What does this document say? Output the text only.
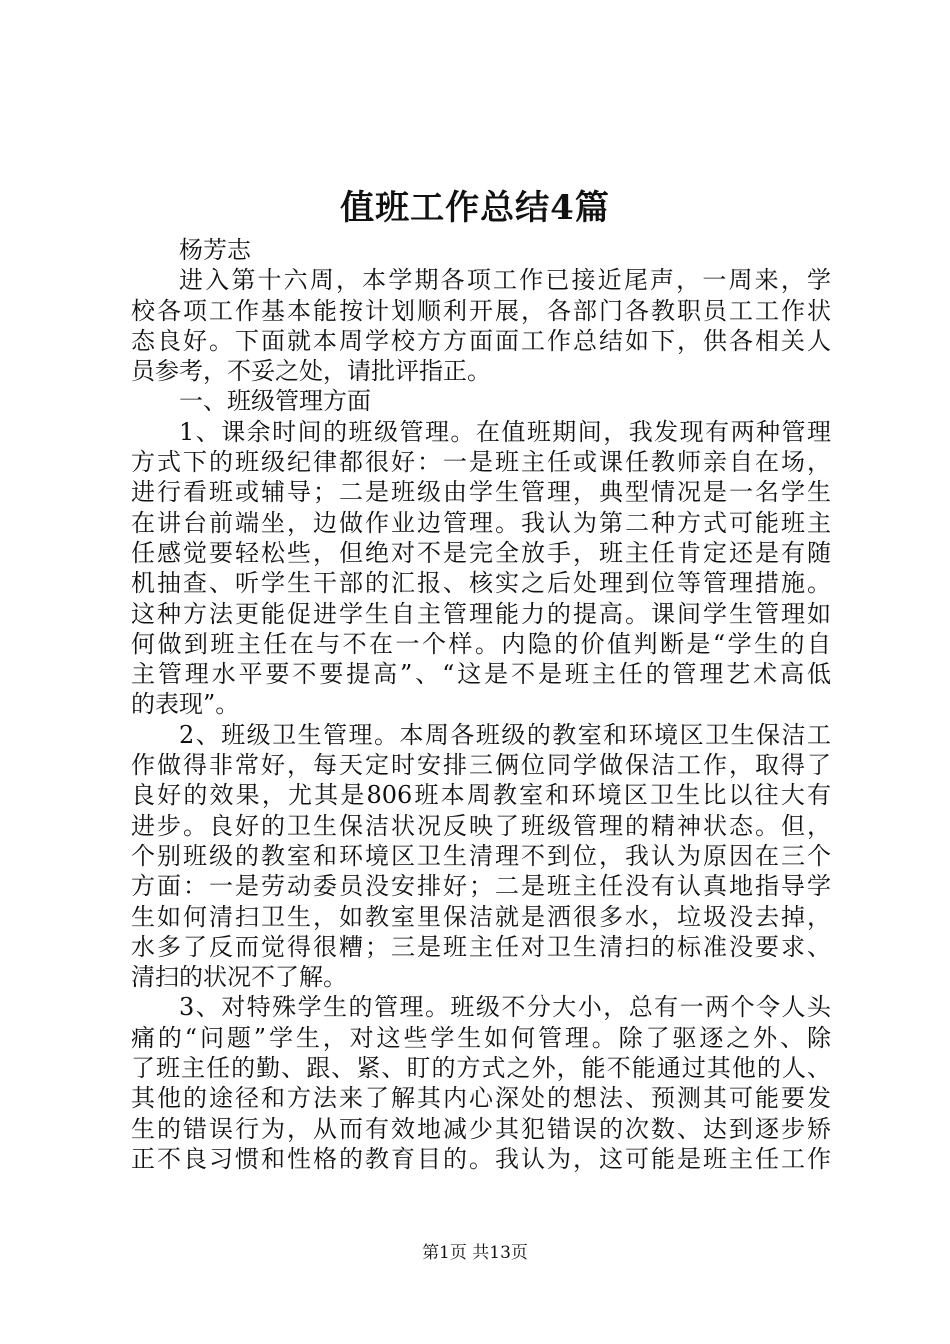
值班工作总结4篇
杨芳志
进入第十六周，本学期各项工作已接近尾声，一周来，学
校各项工作基本能按计划顺利开展，各部门各教职员工工作状
态良好。下面就本周学校方方面面工作总结如下，供各相关人
员参考，不妥之处，请批评指正。
一、班级管理方面
1、课余时间的班级管理。在值班期间，我发现有两种管理
方式下的班级纪律都很好：一是班主任或课任教师亲自在场，
进行看班或辅导；二是班级由学生管理，典型情况是一名学生
在讲台前端坐，边做作业边管理。我认为第二种方式可能班主
任感觉要轻松些，但绝对不是完全放手，班主任肯定还是有随
机抽查、听学生干部的汇报、核实之后处理到位等管理措施。
这种方法更能促进学生自主管理能力的提高。课间学生管理如
何做到班主任在与不在一个样。内隐的价值判断是“学生的自
主管理水平要不要提高”、“这是不是班主任的管理艺术高低
的表现”。
2、班级卫生管理。本周各班级的教室和环境区卫生保洁工
作做得非常好，每天定时安排三俩位同学做保洁工作，取得了
良好的效果，尤其是806班本周教室和环境区卫生比以往大有
进步。良好的卫生保洁状况反映了班级管理的精神状态。但，
个别班级的教室和环境区卫生清理不到位，我认为原因在三个
方面：一是劳动委员没安排好；二是班主任没有认真地指导学
生如何清扫卫生，如教室里保洁就是洒很多水，垃圾没去掉，
水多了反而觉得很糟；三是班主任对卫生清扫的标准没要求、
清扫的状况不了解。
3、对特殊学生的管理。班级不分大小，总有一两个令人头
痛的“问题”学生，对这些学生如何管理。除了驱逐之外、除
了班主任的勤、跟、紧、盯的方式之外，能不能通过其他的人、
其他的途径和方法来了解其内心深处的想法、预测其可能要发
生的错误行为，从而有效地减少其犯错误的次数、达到逐步矫
正不良习惯和性格的教育目的。我认为，这可能是班主任工作
第1页 共13页
